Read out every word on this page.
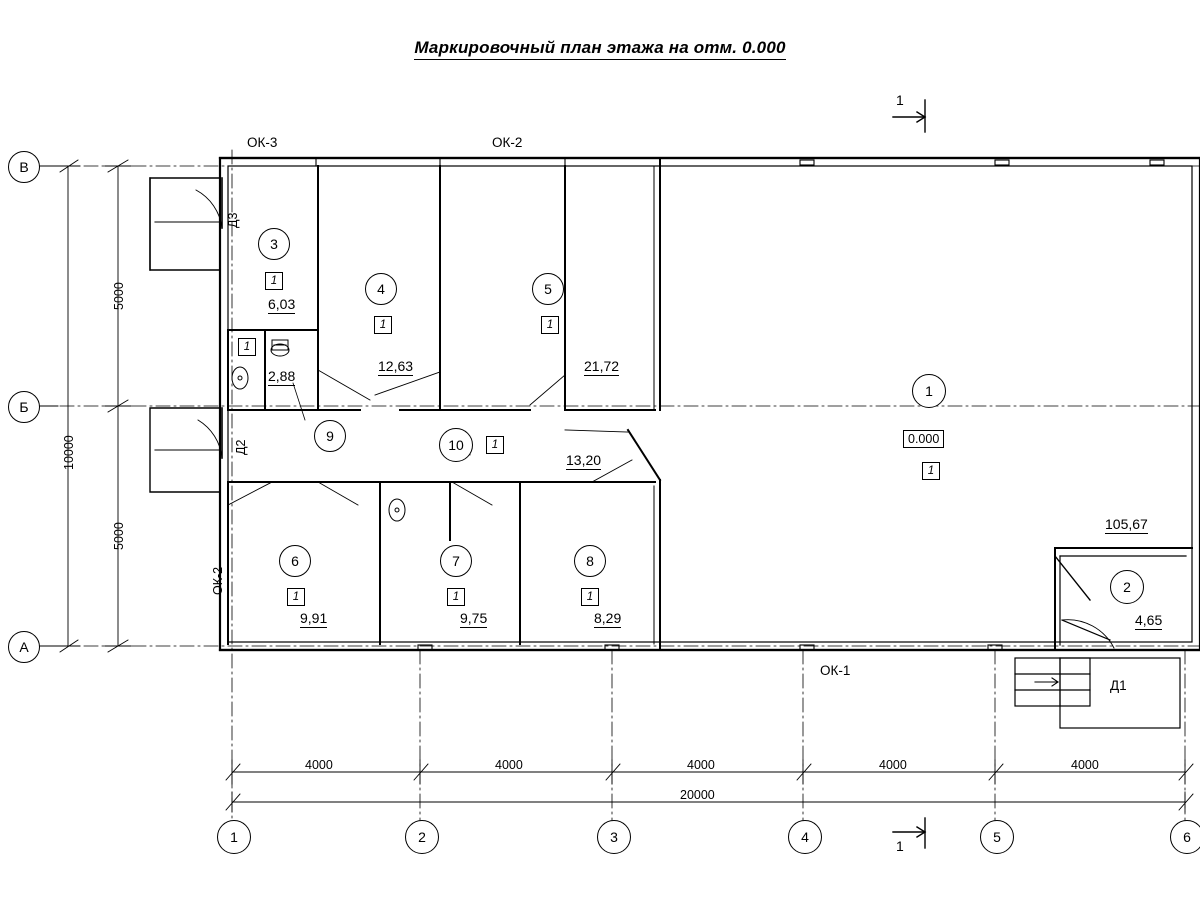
Маркировочный план этажа на отм. 0.000
В
Б
А
1	2	3	4	5	6
5000
5000
10000
4000	4000	4000	4000	4000
20000
1
1
ОК-3	ОК-2
ОК-1
ОК-2
Д1
Д2
Д3
1
0.000
1
105,67
2
4,65
3
1
6,03
4
1
12,63
5
1
21,72
6
1
9,91
7
1
9,75
8
1
8,29
9
1
2,88
10 1
13,20
